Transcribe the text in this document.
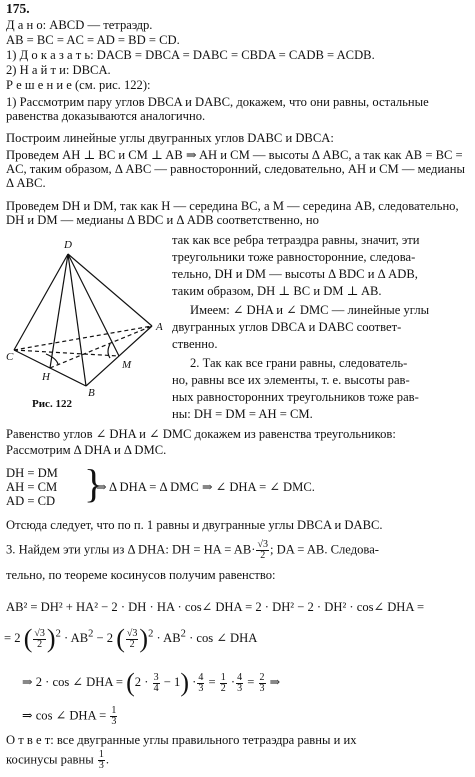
175.
Д а н о: ABCD — тетраэдр.
AB = BC = AC = AD = BD = CD.
1) Д о к а з а т ь: DACB = DBCA = DABC = CBDA = CADB = ACDB.
2) Н а й т и: DBCA.
Р е ш е н и е (см. рис. 122):
1) Рассмотрим пару углов DBCA и DABC, докажем, что они равны, остальные равенства доказываются аналогично.
Построим линейные углы двугранных углов DABC и DBCA:
Проведем AH ⊥ BC и CM ⊥ AB ⇒ AH и CM — высоты Δ ABC, а так как AB = BC = AC, таким образом, Δ ABC — равносторонний, следовательно, AH и CM — медианы Δ ABC.
Проведем DH и DM, так как H — середина BC, а M — середина AB, следовательно, DH и DM — медианы Δ BDC и Δ ADB соответственно, но
так как все ребра тетраэдра равны, значит, эти
треугольники тоже равносторонние, следова-
тельно, DH и DM — высоты Δ BDC и Δ ADB,
таким образом, DH ⊥ BC и DM ⊥ AB.
Имеем: ∠ DHA и ∠ DMC — линейные углы
двугранных углов DBCA и DABC соответ-
ственно.
2. Так как все грани равны, следователь-
но, равны все их элементы, т. е. высоты рав-
ных равносторонних треугольников тоже рав-
ны: DH = DM = AH = CM.
D
A
B
C
H
M
Рис. 122
Равенство углов ∠ DHA и ∠ DMC докажем из равенства треугольников:
Рассмотрим Δ DHA и Δ DMC.
DH = DM
AH = CM
AD = CD }
⇒ Δ DHA = Δ DMC ⇒ ∠ DHA = ∠ DMC.
Отсюда следует, что по п. 1 равны и двугранные углы DBCA и DABC.
3. Найдем эти углы из Δ DHA: DH = HA = $AB\cdot \frac{√3}{2}$ ; DA = AB. Следова-
тельно, по теореме косинусов получим равенство:
AB² = DH² + HA² − 2 · DH · HA · cos∠ DHA = 2 · DH² − 2 · DH² · cos∠ DHA =
= 2 ( $\frac{√3}{2} )^2 \cdot AB^2 - 2$ ( $\frac{√3}{2} )^2 \cdot AB^2 \cdot \cos$ ∠ DHA
⇒ 2 · cos ∠ DHA = $(2 \cdot \frac{3}{4} - 1) \cdot \frac{4}{3} = \frac{1}{2} \cdot \frac{4}{3} = \frac{2}{3}$ ⇒
⇒ cos ∠ DHA = $\frac{1}{3}$
О т в е т: все двугранные углы правильного тетраэдра равны и их
косинусы равны $\frac{1}{3}$ .
